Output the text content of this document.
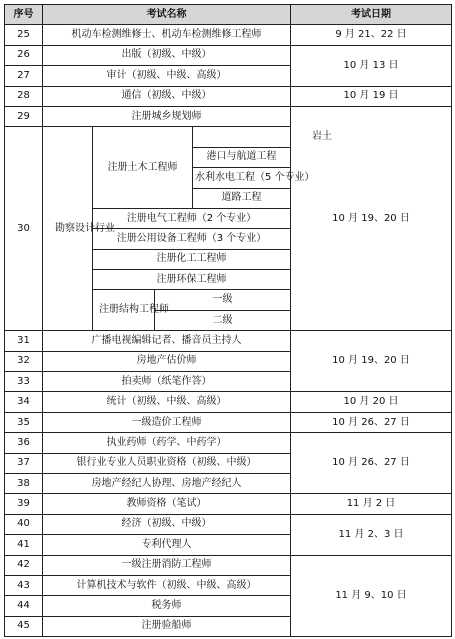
序号	考试名称				考试日期	
25	机动车检测维修士、机动车检测维修工程师				9 月 21、22 日	
26	出版（初级、中级）				10 月 13 日	
27	审计（初级、中级、高级）					
28	通信（初级、中级）				10 月 19 日	
29	注册城乡规划师				10 月 19、20 日	
30	勘察设计行业	注册土木工程师		岩土		
				港口与航道工程		
				水利水电工程（5 个专业）		
				道路工程		
		注册电气工程师（2 个专业）				
		注册公用设备工程师（3 个专业）				
		注册化工工程师				
		注册环保工程师				
		注册结构工程师	一级			
			二级	
31	广播电视编辑记者、播音员主持人				10 月 19、20 日	
32	房地产估价师					
33	拍卖师（纸笔作答）					
34	统计（初级、中级、高级）				10 月 20 日	
35	一级造价工程师				10 月 26、27 日	
36	执业药师（药学、中药学）				10 月 26、27 日	
37	银行业专业人员职业资格（初级、中级）					
38	房地产经纪人协理、房地产经纪人					
39	教师资格（笔试）				11 月 2 日	
40	经济（初级、中级）				11 月 2、3 日	
41	专利代理人					
42	一级注册消防工程师				11 月 9、10 日	
43	计算机技术与软件（初级、中级、高级）					
44	税务师					
45	注册验船师					
